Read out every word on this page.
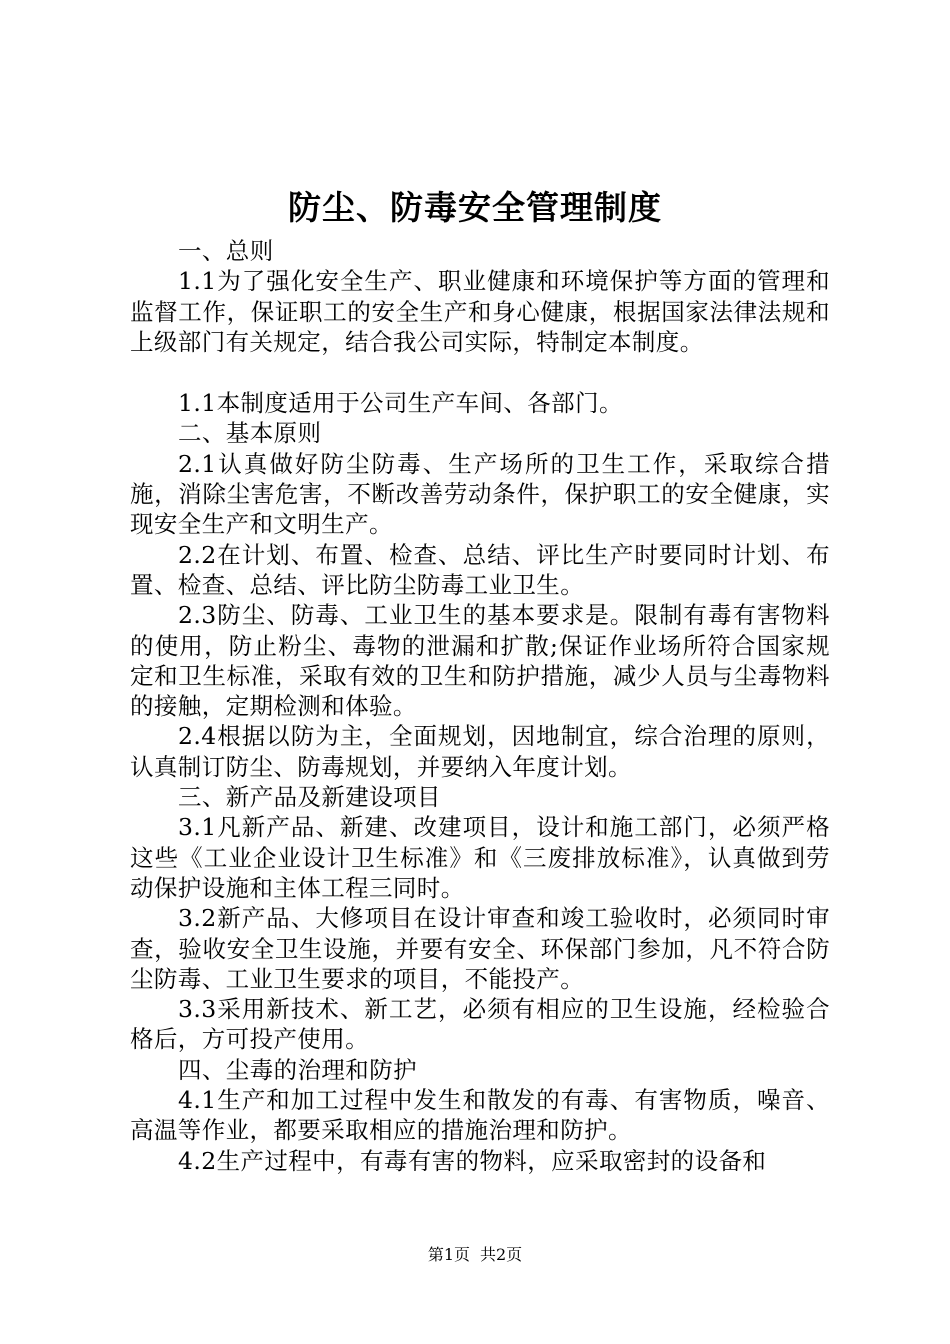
防尘、防毒安全管理制度

一、总则

1.1为了强化安全生产、职业健康和环境保护等方面的管理和监督工作，保证职工的安全生产和身心健康，根据国家法律法规和上级部门有关规定，结合我公司实际，特制定本制度。

1.1本制度适用于公司生产车间、各部门。

二、基本原则

2.1认真做好防尘防毒、生产场所的卫生工作，采取综合措施，消除尘害危害，不断改善劳动条件，保护职工的安全健康，实现安全生产和文明生产。

2.2在计划、布置、检查、总结、评比生产时要同时计划、布置、检查、总结、评比防尘防毒工业卫生。

2.3防尘、防毒、工业卫生的基本要求是。限制有毒有害物料的使用，防止粉尘、毒物的泄漏和扩散;保证作业场所符合国家规定和卫生标准，采取有效的卫生和防护措施，减少人员与尘毒物料的接触，定期检测和体验。

2.4根据以防为主，全面规划，因地制宜，综合治理的原则，认真制订防尘、防毒规划，并要纳入年度计划。

三、新产品及新建设项目

3.1凡新产品、新建、改建项目，设计和施工部门，必须严格这些《工业企业设计卫生标准》和《三废排放标准》，认真做到劳动保护设施和主体工程三同时。

3.2新产品、大修项目在设计审查和竣工验收时，必须同时审查，验收安全卫生设施，并要有安全、环保部门参加，凡不符合防尘防毒、工业卫生要求的项目，不能投产。

3.3采用新技术、新工艺，必须有相应的卫生设施，经检验合格后，方可投产使用。

四、尘毒的治理和防护

4.1生产和加工过程中发生和散发的有毒、有害物质，噪音、高温等作业，都要采取相应的措施治理和防护。

4.2生产过程中，有毒有害的物料，应采取密封的设备和

第1页 共2页
